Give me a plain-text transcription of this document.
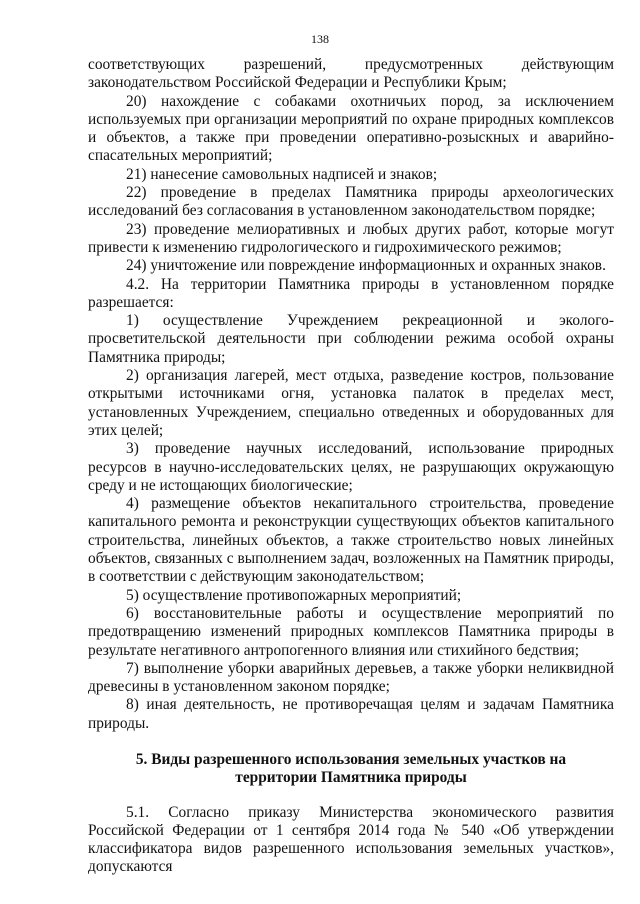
138

соответствующих разрешений, предусмотренных действующим законодательством Российской Федерации и Республики Крым;

20) нахождение с собаками охотничьих пород, за исключением используемых при организации мероприятий по охране природных комплексов и объектов, а также при проведении оперативно-розыскных и аварийно-спасательных мероприятий;

21) нанесение самовольных надписей и знаков;

22) проведение в пределах Памятника природы археологических исследований без согласования в установленном законодательством порядке;

23) проведение мелиоративных и любых других работ, которые могут привести к изменению гидрологического и гидрохимического режимов;

24) уничтожение или повреждение информационных и охранных знаков.

4.2. На территории Памятника природы в установленном порядке разрешается:

1) осуществление Учреждением рекреационной и эколого-просветительской деятельности при соблюдении режима особой охраны Памятника природы;

2) организация лагерей, мест отдыха, разведение костров, пользование открытыми источниками огня, установка палаток в пределах мест, установленных Учреждением, специально отведенных и оборудованных для этих целей;

3) проведение научных исследований, использование природных ресурсов в научно-исследовательских целях, не разрушающих окружающую среду и не истощающих биологические;

4) размещение объектов некапитального строительства, проведение капитального ремонта и реконструкции существующих объектов капитального строительства, линейных объектов, а также строительство новых линейных объектов, связанных с выполнением задач, возложенных на Памятник природы, в соответствии с действующим законодательством;

5) осуществление противопожарных мероприятий;

6) восстановительные работы и осуществление мероприятий по предотвращению изменений природных комплексов Памятника природы в результате негативного антропогенного влияния или стихийного бедствия;

7) выполнение уборки аварийных деревьев, а также уборки неликвидной древесины в установленном законом порядке;

8) иная деятельность, не противоречащая целям и задачам Памятника природы.

5. Виды разрешенного использования земельных участков на
территории Памятника природы

5.1. Согласно приказу Министерства экономического развития Российской Федерации от 1 сентября 2014 года № 540 «Об утверждении классификатора видов разрешенного использования земельных участков», допускаются
